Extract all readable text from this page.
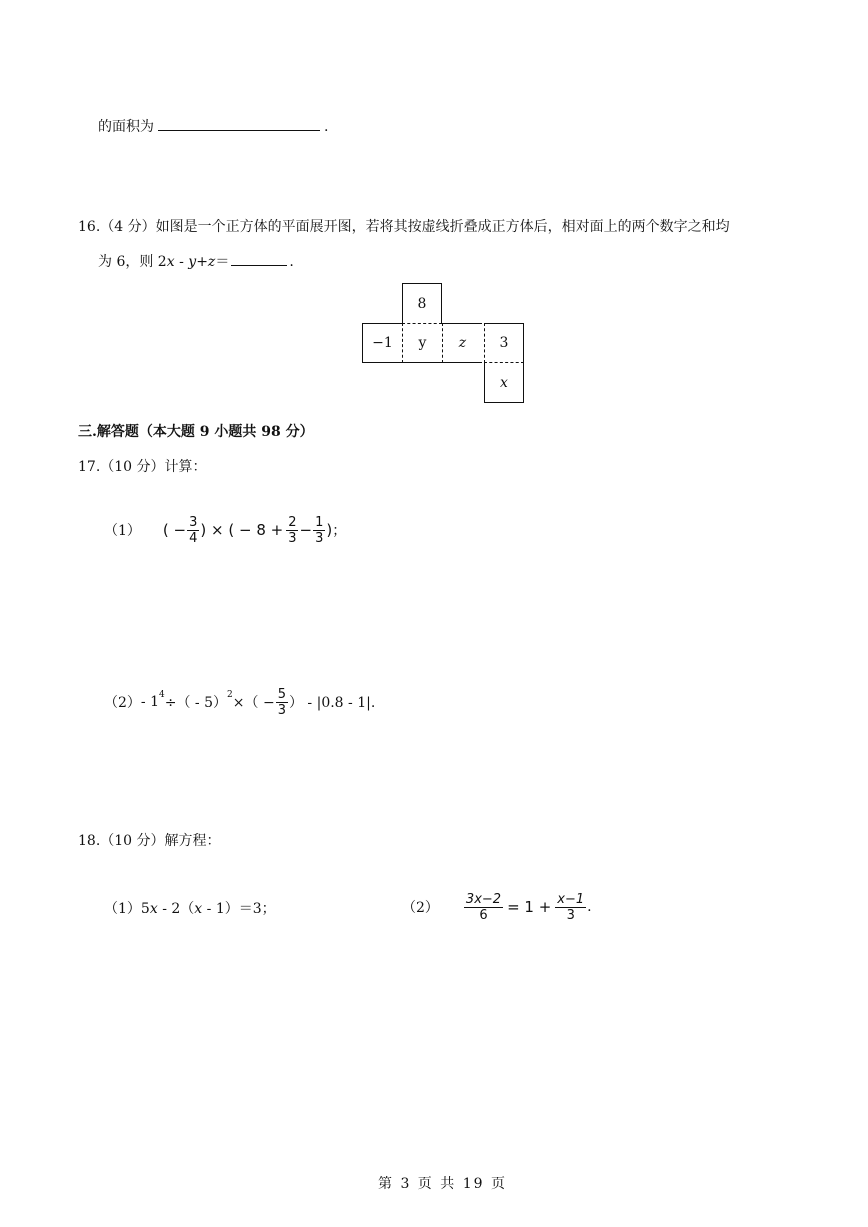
的面积为	.
16.（4 分）如图是一个正方体的平面展开图，若将其按虚线折叠成正方体后，相对面上的两个数字之和均
为 6，则 2x - y+z＝	.
8
−1 y z 3
x
三.解答题（本大题 9 小题共 98 分）
17.（10 分）计算：
（1） ( − $\frac{3}{4}$ ) × ( − $8 + \frac{2}{3} - \frac{1}{3}$ ) ；
$(2) - 1^4$ ÷（ - 5）$^2$ ×（ − $\frac{5}{3}$ ） - |0.8 - 1|.
18.（10 分）解方程：
（1）5x - 2（x - 1）＝3；	$(2) \frac{3x-2}{6} = 1 + \frac{x-1}{3}$ .
第 3 页 共 19 页
